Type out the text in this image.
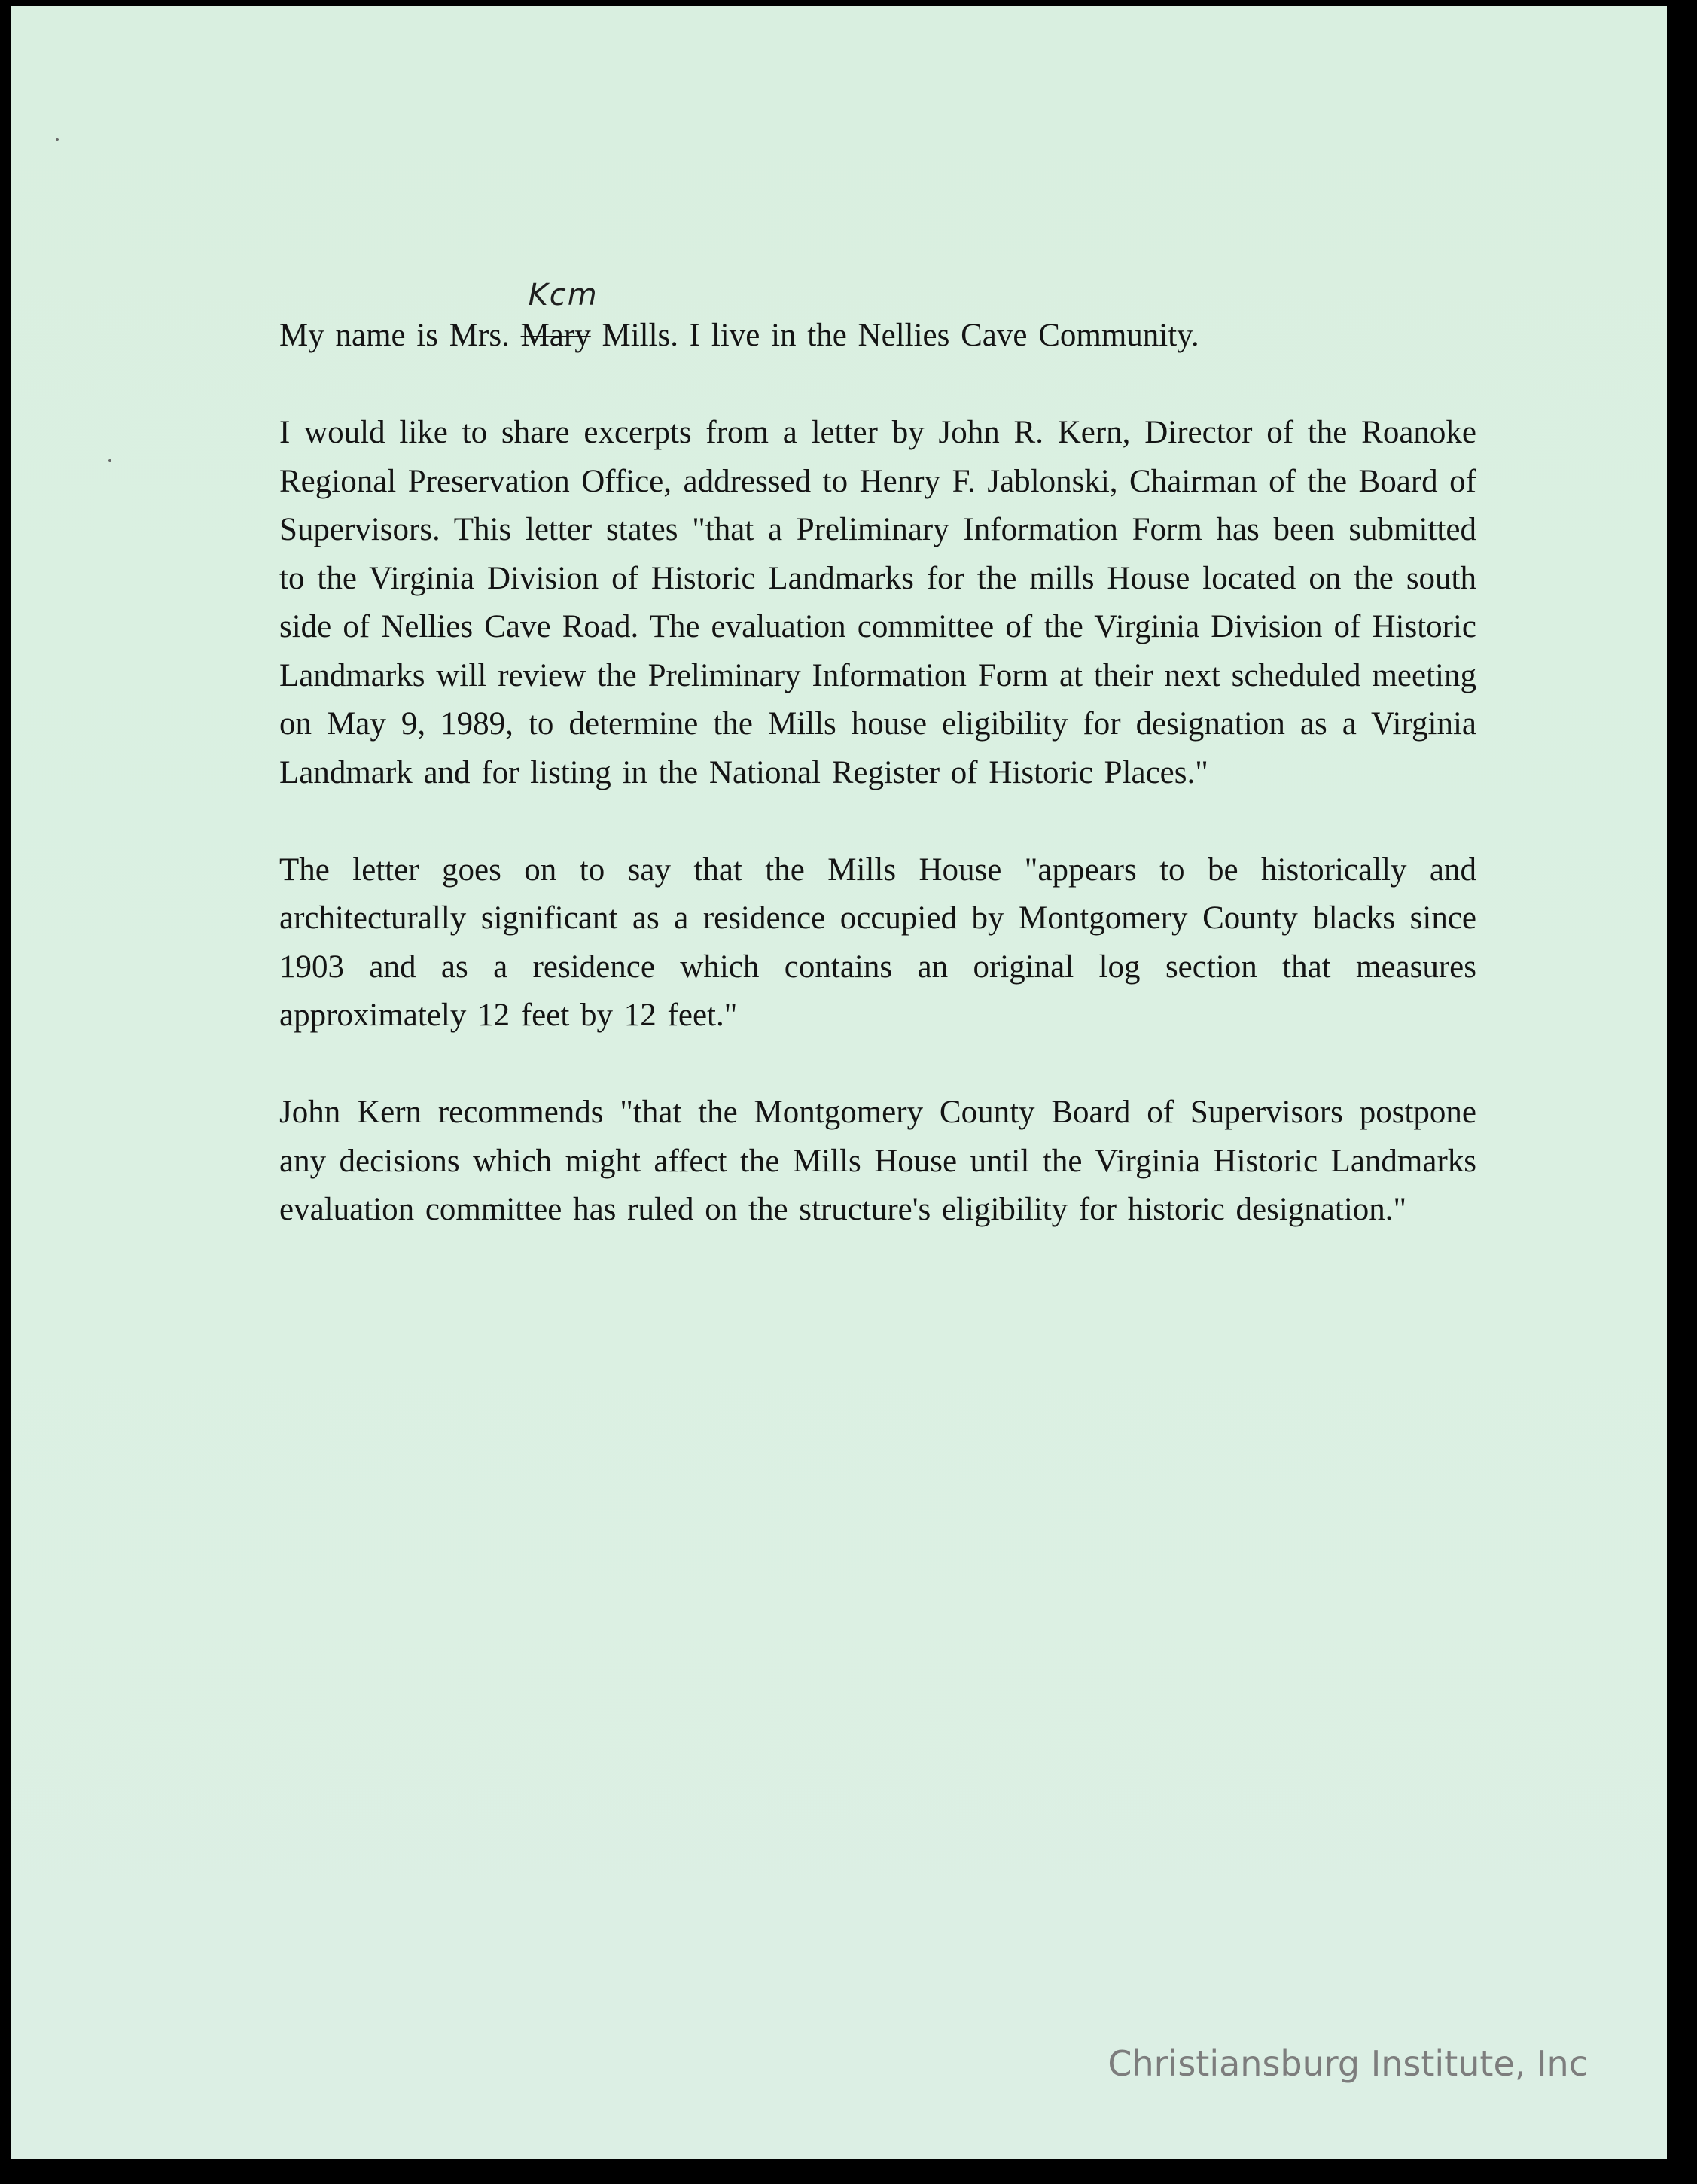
My name is Mrs.
Kcm
Mary Mills. I live in the Nellies Cave Community.

I would like to share excerpts from a letter by John R. Kern, Director of the Roanoke Regional Preservation Office, addressed to Henry F. Jablonski, Chairman of the Board of Supervisors. This letter states "that a Preliminary Information Form has been submitted to the Virginia Division of Historic Landmarks for the mills House located on the south side of Nellies Cave Road. The evaluation committee of the Virginia Division of Historic Landmarks will review the Preliminary Information Form at their next scheduled meeting on May 9, 1989, to determine the Mills house eligibility for designation as a Virginia Landmark and for listing in the National Register of Historic Places."

The letter goes on to say that the Mills House "appears to be historically and architecturally significant as a residence occupied by Montgomery County blacks since 1903 and as a residence which contains an original log section that measures approximately 12 feet by 12 feet."

John Kern recommends "that the Montgomery County Board of Supervisors postpone any decisions which might affect the Mills House until the Virginia Historic Landmarks evaluation committee has ruled on the structure's eligibility for historic designation."

Christiansburg Institute, Inc
